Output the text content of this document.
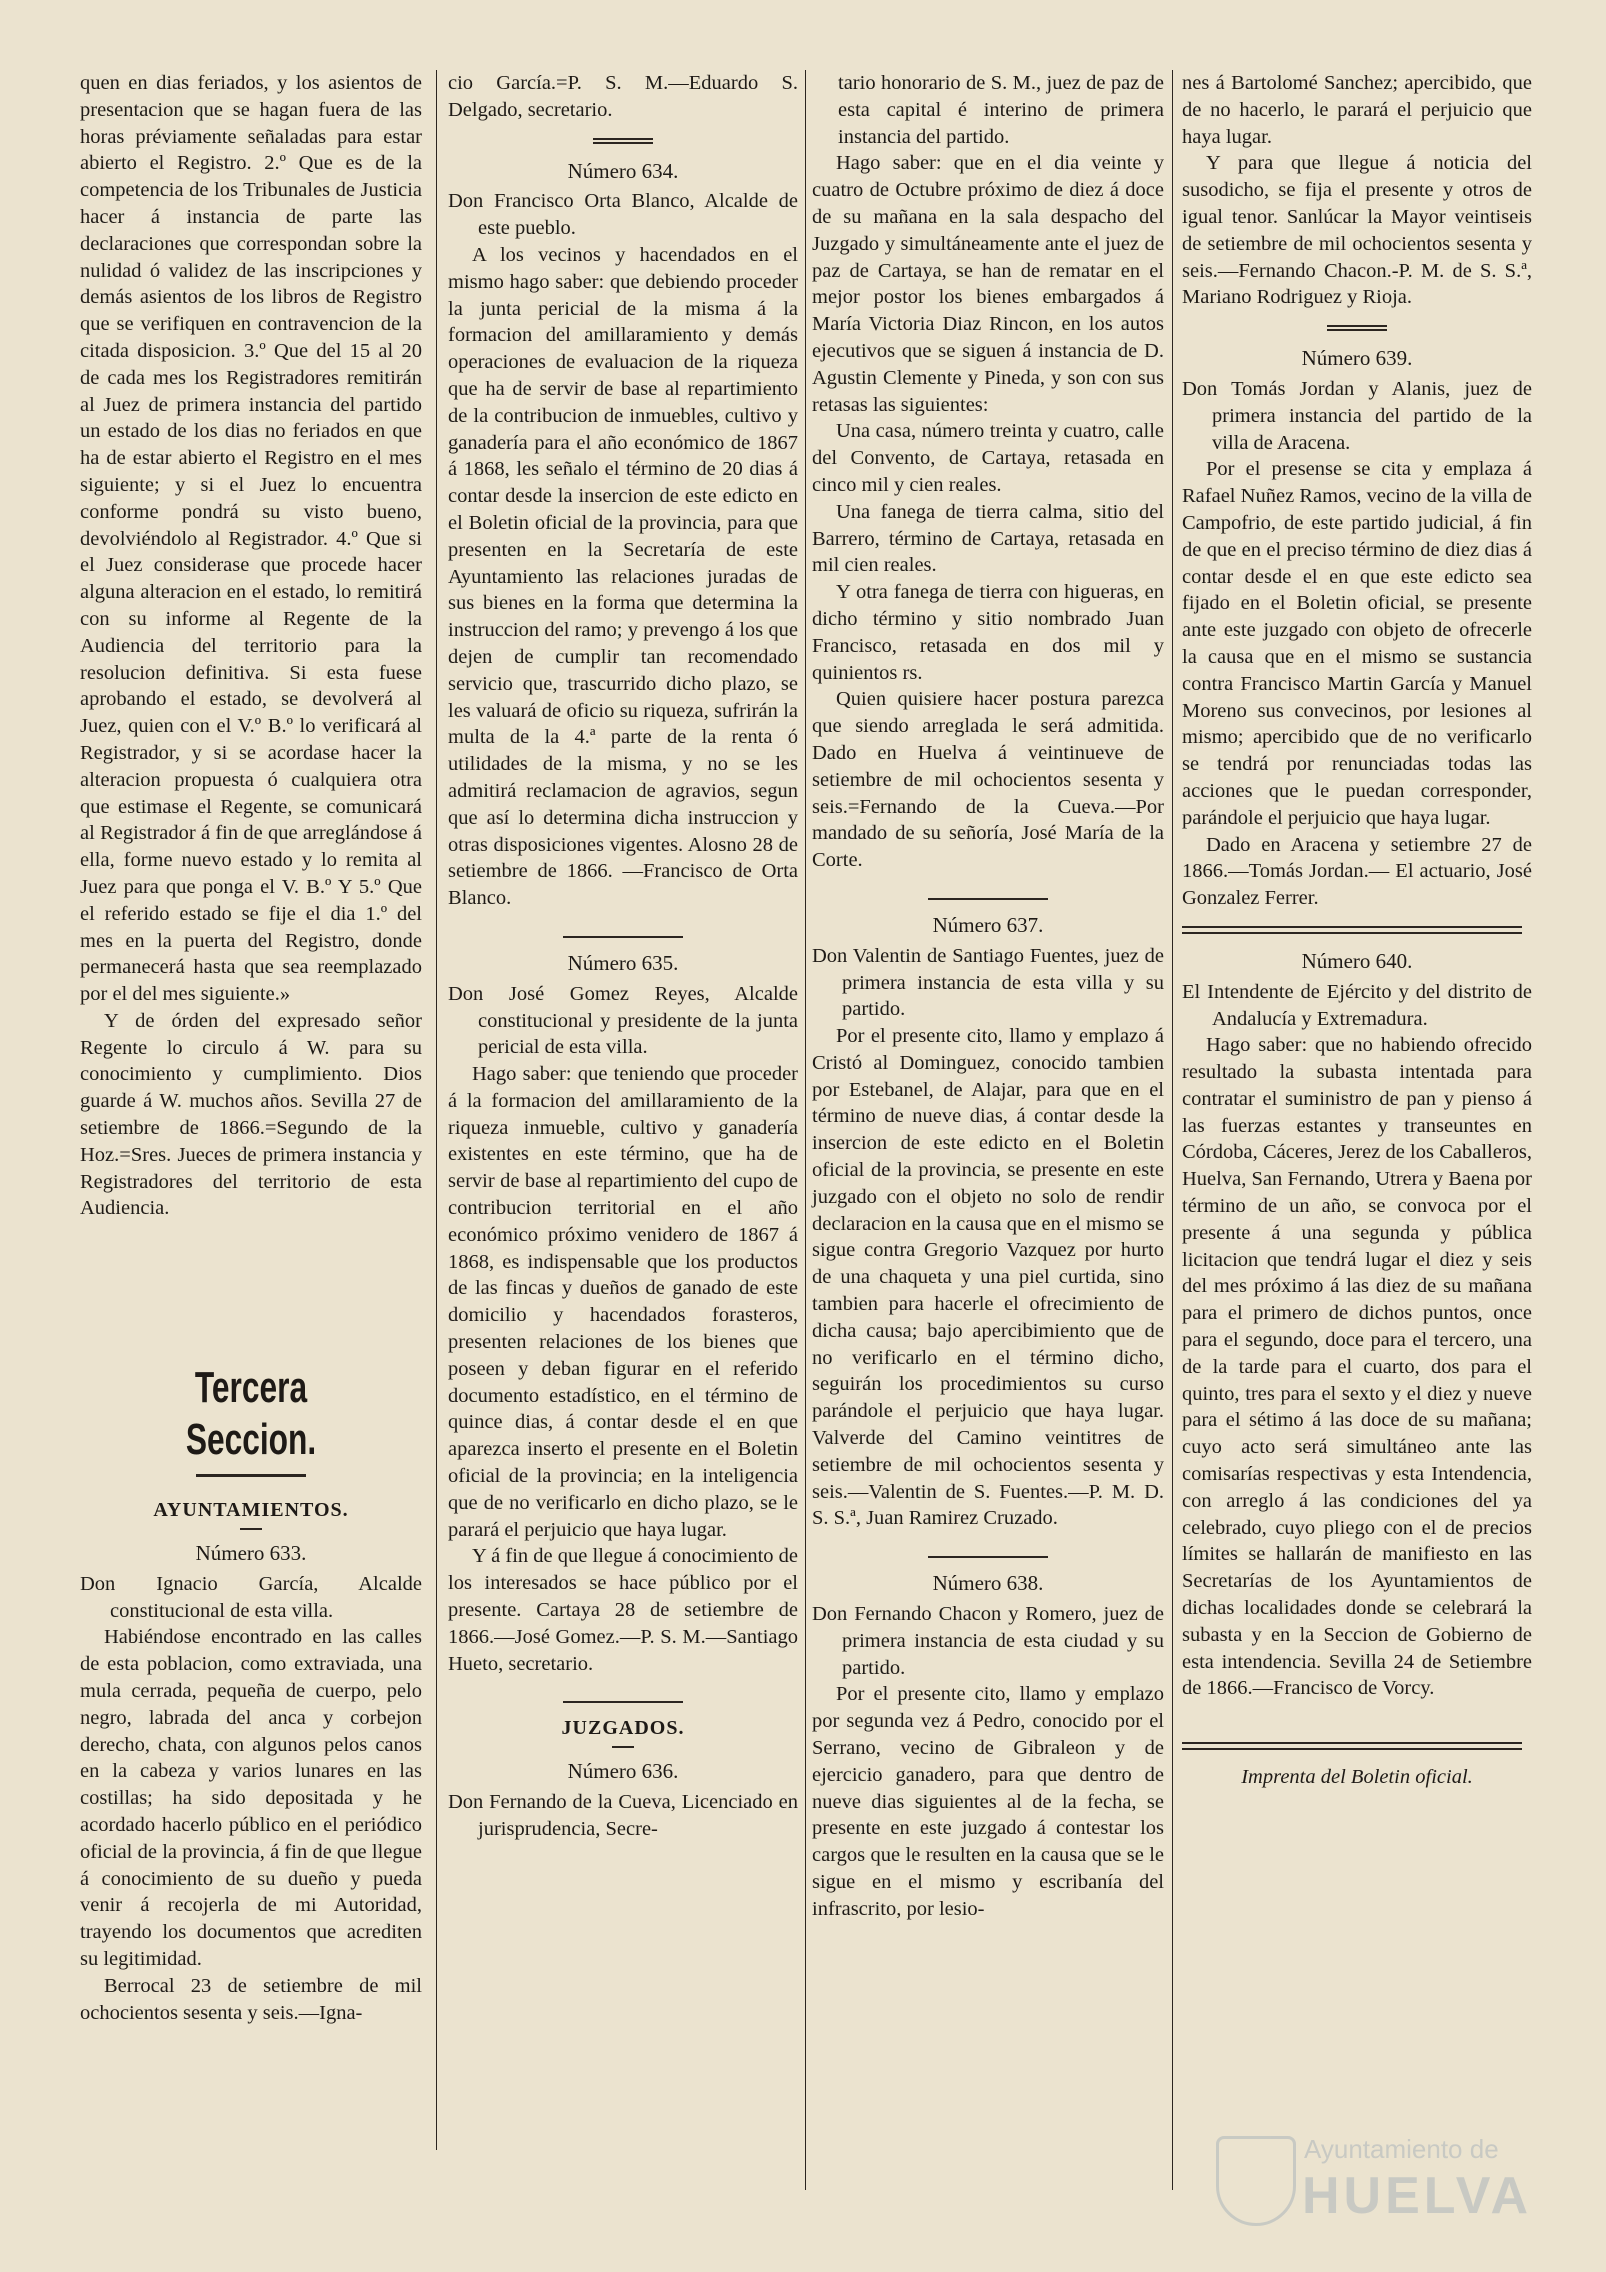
quen en dias feriados, y los asientos de presentacion que se hagan fuera de las horas préviamente señaladas para estar abierto el Registro. 2.º Que es de la competencia de los Tribunales de Justicia hacer á instancia de parte las declaraciones que correspondan sobre la nulidad ó validez de las inscripciones y demás asientos de los libros de Registro que se verifiquen en contravencion de la citada disposicion. 3.º Que del 15 al 20 de cada mes los Registradores remitirán al Juez de primera instancia del partido un estado de los dias no feriados en que ha de estar abierto el Registro en el mes siguiente; y si el Juez lo encuentra conforme pondrá su visto bueno, devolviéndolo al Registrador. 4.º Que si el Juez considerase que procede hacer alguna alteracion en el estado, lo remitirá con su informe al Regente de la Audiencia del territorio para la resolucion definitiva. Si esta fuese aprobando el estado, se devolverá al Juez, quien con el V.º B.º lo verificará al Registrador, y si se acordase hacer la alteracion propuesta ó cualquiera otra que estimase el Regente, se comunicará al Registrador á fin de que arreglándose á ella, forme nuevo estado y lo remita al Juez para que ponga el V. B.º Y 5.º Que el referido estado se fije el dia 1.º del mes en la puerta del Registro, donde permanecerá hasta que sea reemplazado por el del mes siguiente.»

Y de órden del expresado señor Regente lo circulo á W. para su conocimiento y cumplimiento. Dios guarde á W. muchos años. Sevilla 27 de setiembre de 1866.=Segundo de la Hoz.=Sres. Jueces de primera instancia y Registradores del territorio de esta Audiencia.

Tercera Seccion.

AYUNTAMIENTOS.

Número 633.

Don Ignacio García, Alcalde constitucional de esta villa.

Habiéndose encontrado en las calles de esta poblacion, como extraviada, una mula cerrada, pequeña de cuerpo, pelo negro, labrada del anca y corbejon derecho, chata, con algunos pelos canos en la cabeza y varios lunares en las costillas; ha sido depositada y he acordado hacerlo público en el periódico oficial de la provincia, á fin de que llegue á conocimiento de su dueño y pueda venir á recojerla de mi Autoridad, trayendo los documentos que acrediten su legitimidad.

Berrocal 23 de setiembre de mil ochocientos sesenta y seis.—Igna-

cio García.=P. S. M.—Eduardo S. Delgado, secretario.

Número 634.

Don Francisco Orta Blanco, Alcalde de este pueblo.

A los vecinos y hacendados en el mismo hago saber: que debiendo proceder la junta pericial de la misma á la formacion del amillaramiento y demás operaciones de evaluacion de la riqueza que ha de servir de base al repartimiento de la contribucion de inmuebles, cultivo y ganadería para el año económico de 1867 á 1868, les señalo el término de 20 dias á contar desde la insercion de este edicto en el Boletin oficial de la provincia, para que presenten en la Secretaría de este Ayuntamiento las relaciones juradas de sus bienes en la forma que determina la instruccion del ramo; y prevengo á los que dejen de cumplir tan recomendado servicio que, trascurrido dicho plazo, se les valuará de oficio su riqueza, sufrirán la multa de la 4.ª parte de la renta ó utilidades de la misma, y no se les admitirá reclamacion de agravios, segun que así lo determina dicha instruccion y otras disposiciones vigentes. Alosno 28 de setiembre de 1866. —Francisco de Orta Blanco.

Número 635.

Don José Gomez Reyes, Alcalde constitucional y presidente de la junta pericial de esta villa.

Hago saber: que teniendo que proceder á la formacion del amillaramiento de la riqueza inmueble, cultivo y ganadería existentes en este término, que ha de servir de base al repartimiento del cupo de contribucion territorial en el año económico próximo venidero de 1867 á 1868, es indispensable que los productos de las fincas y dueños de ganado de este domicilio y hacendados forasteros, presenten relaciones de los bienes que poseen y deban figurar en el referido documento estadístico, en el término de quince dias, á contar desde el en que aparezca inserto el presente en el Boletin oficial de la provincia; en la inteligencia que de no verificarlo en dicho plazo, se le parará el perjuicio que haya lugar.

Y á fin de que llegue á conocimiento de los interesados se hace público por el presente. Cartaya 28 de setiembre de 1866.—José Gomez.—P. S. M.—Santiago Hueto, secretario.

JUZGADOS.

Número 636.

Don Fernando de la Cueva, Licenciado en jurisprudencia, Secre-

tario honorario de S. M., juez de paz de esta capital é interino de primera instancia del partido.

Hago saber: que en el dia veinte y cuatro de Octubre próximo de diez á doce de su mañana en la sala despacho del Juzgado y simultáneamente ante el juez de paz de Cartaya, se han de rematar en el mejor postor los bienes embargados á María Victoria Diaz Rincon, en los autos ejecutivos que se siguen á instancia de D. Agustin Clemente y Pineda, y son con sus retasas las siguientes:

Una casa, número treinta y cuatro, calle del Convento, de Cartaya, retasada en cinco mil y cien reales.

Una fanega de tierra calma, sitio del Barrero, término de Cartaya, retasada en mil cien reales.

Y otra fanega de tierra con higueras, en dicho término y sitio nombrado Juan Francisco, retasada en dos mil y quinientos rs.

Quien quisiere hacer postura parezca que siendo arreglada le será admitida. Dado en Huelva á veintinueve de setiembre de mil ochocientos sesenta y seis.=Fernando de la Cueva.—Por mandado de su señoría, José María de la Corte.

Número 637.

Don Valentin de Santiago Fuentes, juez de primera instancia de esta villa y su partido.

Por el presente cito, llamo y emplazo á Cristó al Dominguez, conocido tambien por Estebanel, de Alajar, para que en el término de nueve dias, á contar desde la insercion de este edicto en el Boletin oficial de la provincia, se presente en este juzgado con el objeto no solo de rendir declaracion en la causa que en el mismo se sigue contra Gregorio Vazquez por hurto de una chaqueta y una piel curtida, sino tambien para hacerle el ofrecimiento de dicha causa; bajo apercibimiento que de no verificarlo en el término dicho, seguirán los procedimientos su curso parándole el perjuicio que haya lugar. Valverde del Camino veintitres de setiembre de mil ochocientos sesenta y seis.—Valentin de S. Fuentes.—P. M. D. S. S.ª, Juan Ramirez Cruzado.

Número 638.

Don Fernando Chacon y Romero, juez de primera instancia de esta ciudad y su partido.

Por el presente cito, llamo y emplazo por segunda vez á Pedro, conocido por el Serrano, vecino de Gibraleon y de ejercicio ganadero, para que dentro de nueve dias siguientes al de la fecha, se presente en este juzgado á contestar los cargos que le resulten en la causa que se le sigue en el mismo y escribanía del infrascrito, por lesio-

nes á Bartolomé Sanchez; apercibido, que de no hacerlo, le parará el perjuicio que haya lugar.

Y para que llegue á noticia del susodicho, se fija el presente y otros de igual tenor. Sanlúcar la Mayor veintiseis de setiembre de mil ochocientos sesenta y seis.—Fernando Chacon.-P. M. de S. S.ª, Mariano Rodriguez y Rioja.

Número 639.

Don Tomás Jordan y Alanis, juez de primera instancia del partido de la villa de Aracena.

Por el presense se cita y emplaza á Rafael Nuñez Ramos, vecino de la villa de Campofrio, de este partido judicial, á fin de que en el preciso término de diez dias á contar desde el en que este edicto sea fijado en el Boletin oficial, se presente ante este juzgado con objeto de ofrecerle la causa que en el mismo se sustancia contra Francisco Martin García y Manuel Moreno sus convecinos, por lesiones al mismo; apercibido que de no verificarlo se tendrá por renunciadas todas las acciones que le puedan corresponder, parándole el perjuicio que haya lugar.

Dado en Aracena y setiembre 27 de 1866.—Tomás Jordan.— El actuario, José Gonzalez Ferrer.

Número 640.

El Intendente de Ejército y del distrito de Andalucía y Extremadura.

Hago saber: que no habiendo ofrecido resultado la subasta intentada para contratar el suministro de pan y pienso á las fuerzas estantes y transeuntes en Córdoba, Cáceres, Jerez de los Caballeros, Huelva, San Fernando, Utrera y Baena por término de un año, se convoca por el presente á una segunda y pública licitacion que tendrá lugar el diez y seis del mes próximo á las diez de su mañana para el primero de dichos puntos, once para el segundo, doce para el tercero, una de la tarde para el cuarto, dos para el quinto, tres para el sexto y el diez y nueve para el sétimo á las doce de su mañana; cuyo acto será simultáneo ante las comisarías respectivas y esta Intendencia, con arreglo á las condiciones del ya celebrado, cuyo pliego con el de precios límites se hallarán de manifiesto en las Secretarías de los Ayuntamientos de dichas localidades donde se celebrará la subasta y en la Seccion de Gobierno de esta intendencia. Sevilla 24 de Setiembre de 1866.—Francisco de Vorcy.

Imprenta del Boletin oficial.

Ayuntamiento de
HUELVA
